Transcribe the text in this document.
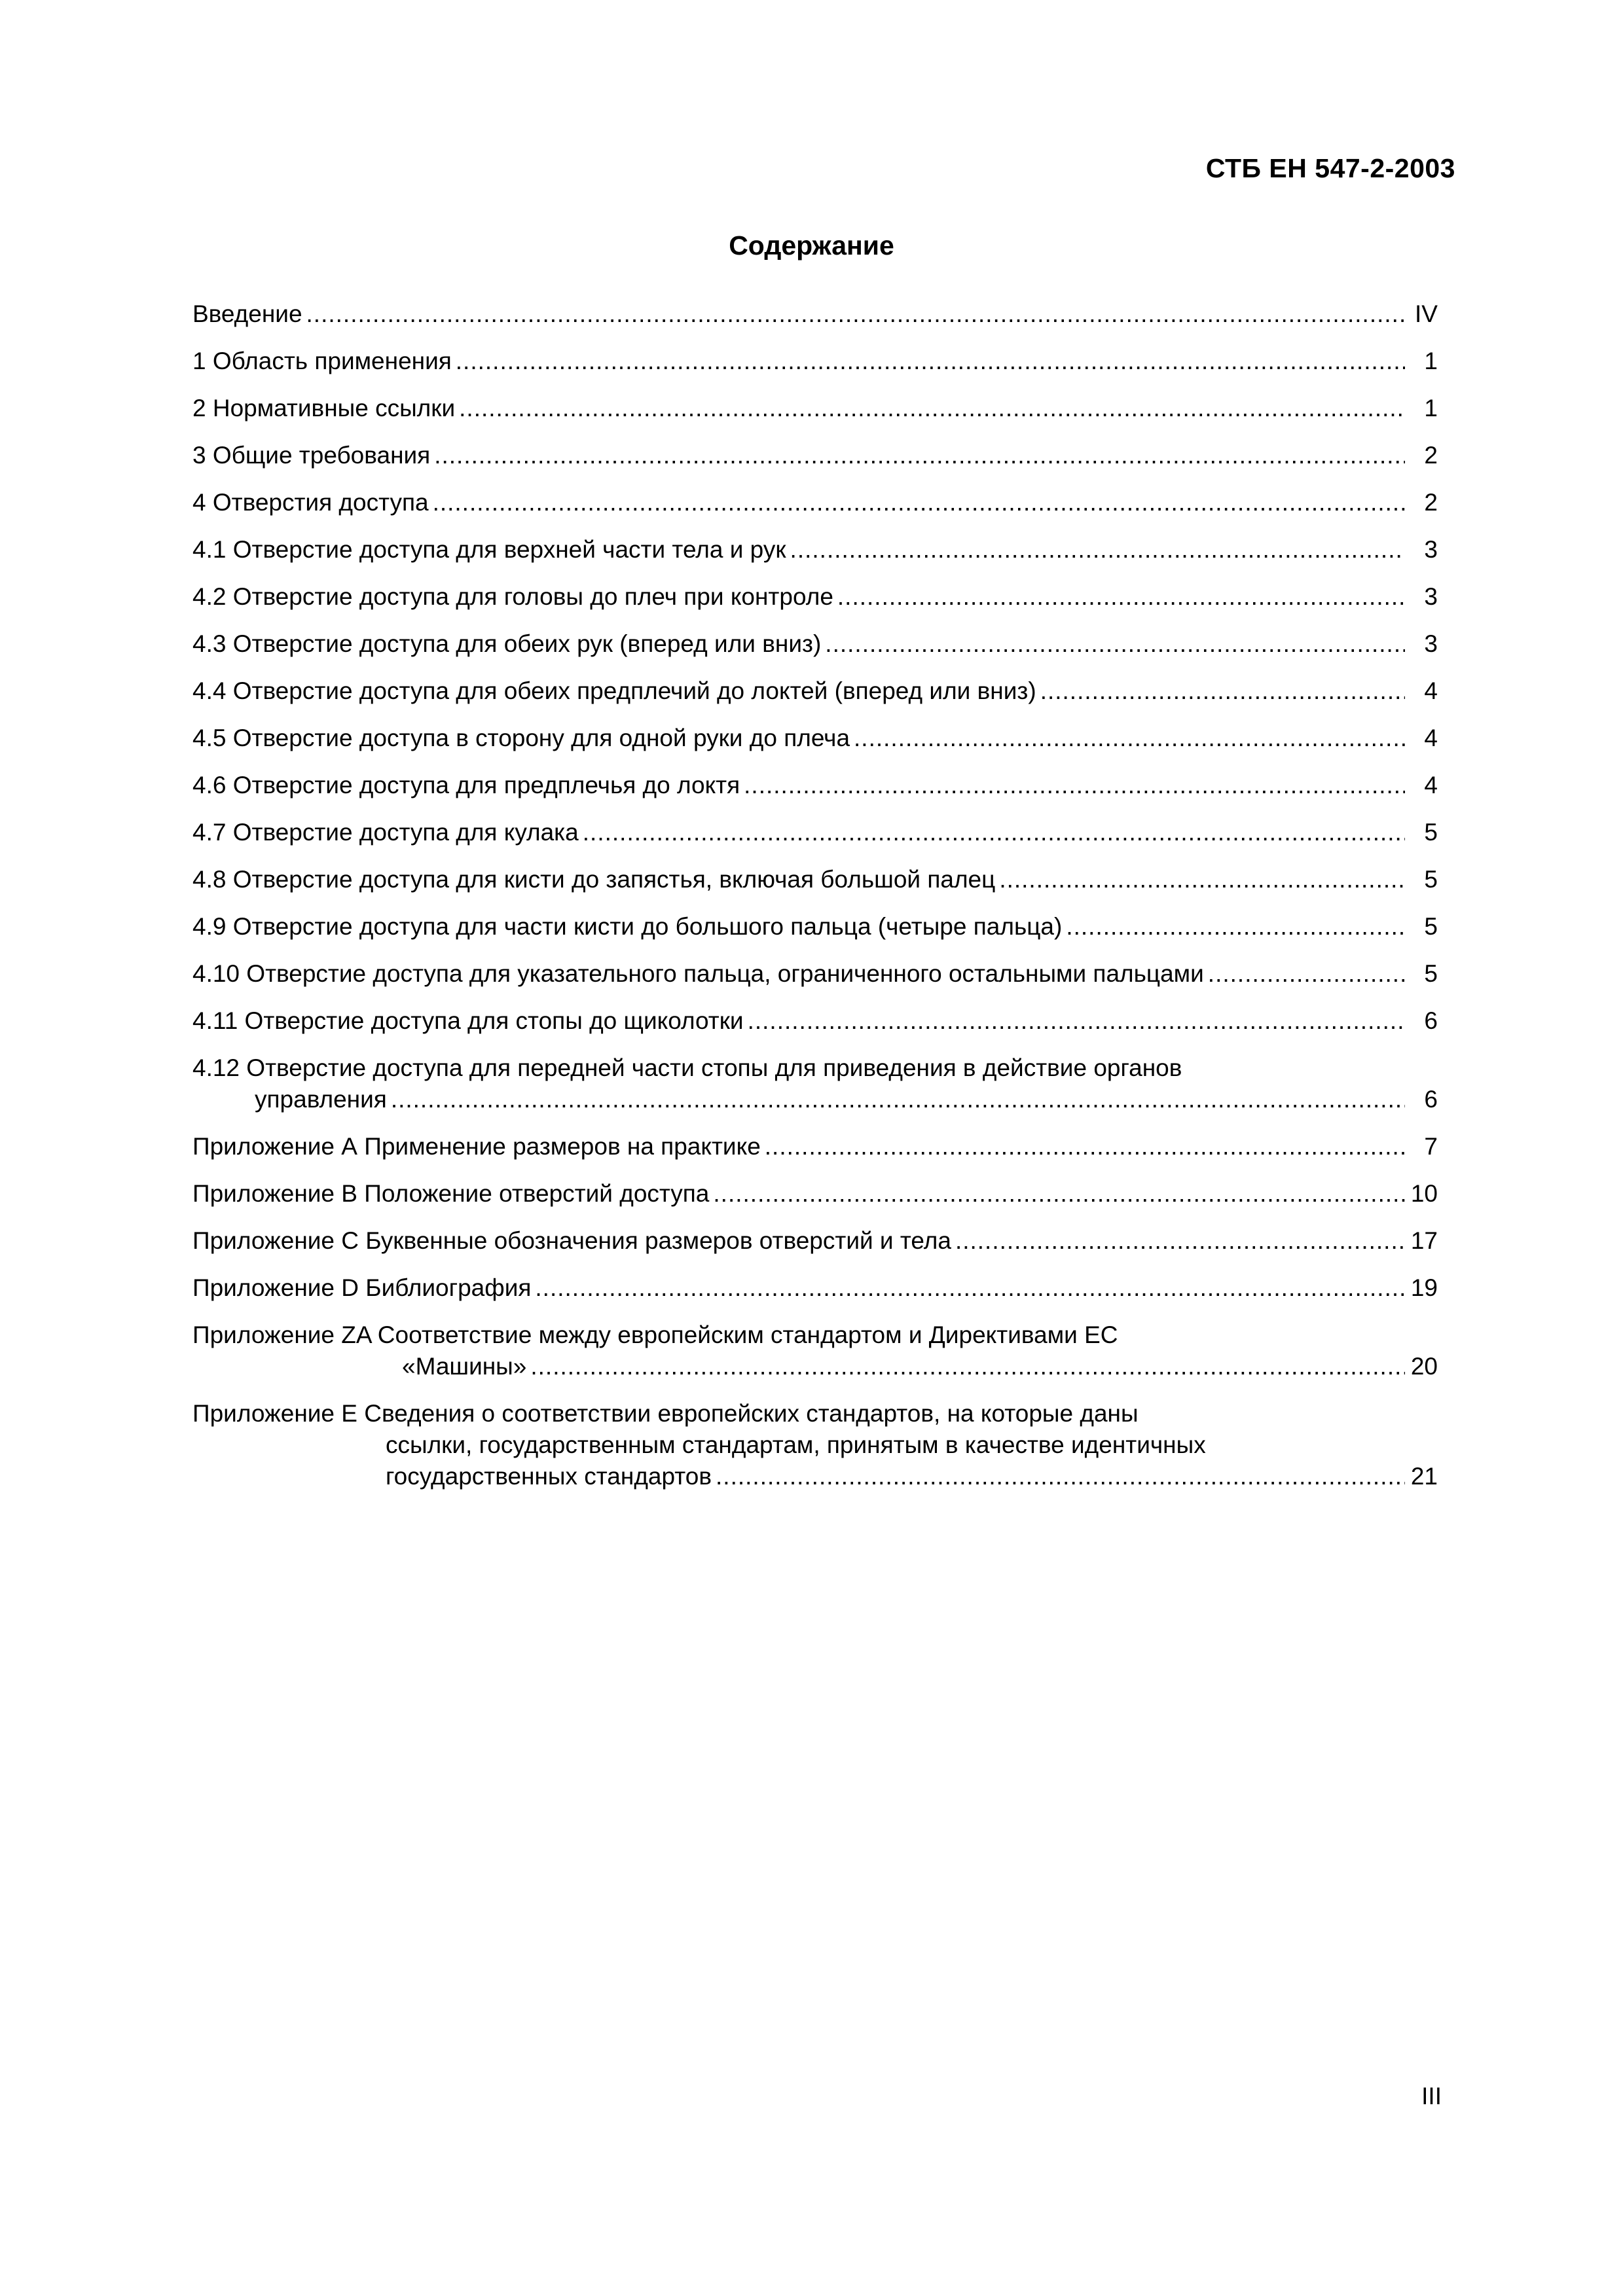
СТБ ЕН 547-2-2003
Содержание
Введение .....	IV
1 Область применения .....	1
2 Нормативные ссылки .....	1
3 Общие требования .....	2
4 Отверстия доступа .....	2
4.1 Отверстие доступа для верхней части тела и рук .....	3
4.2 Отверстие доступа для головы до плеч при контроле .....	3
4.3 Отверстие доступа для обеих рук (вперед или вниз) .....	3
4.4 Отверстие доступа для обеих предплечий до локтей (вперед или вниз) .....	4
4.5 Отверстие доступа в сторону для одной руки до плеча .....	4
4.6 Отверстие доступа для предплечья до локтя .....	4
4.7 Отверстие доступа для кулака .....	5
4.8 Отверстие доступа для кисти до запястья, включая большой палец .....	5
4.9 Отверстие доступа для части кисти до большого пальца (четыре пальца) .....	5
4.10 Отверстие доступа для указательного пальца, ограниченного остальными пальцами .....	5
4.11 Отверстие доступа для стопы до щиколотки .....	6
4.12 Отверстие доступа для передней части стопы для приведения в действие органов
управления .....	6
Приложение А Применение размеров на практике .....	7
Приложение В Положение отверстий доступа .....	10
Приложение С Буквенные обозначения размеров отверстий и тела .....	17
Приложение D Библиография .....	19
Приложение ZA Соответствие между европейским стандартом и Директивами ЕС
«Машины» .....	20
Приложение Е Сведения о соответствии европейских стандартов, на которые даны
ссылки, государственным стандартам, принятым в качестве идентичных
государственных стандартов .....	21
III
